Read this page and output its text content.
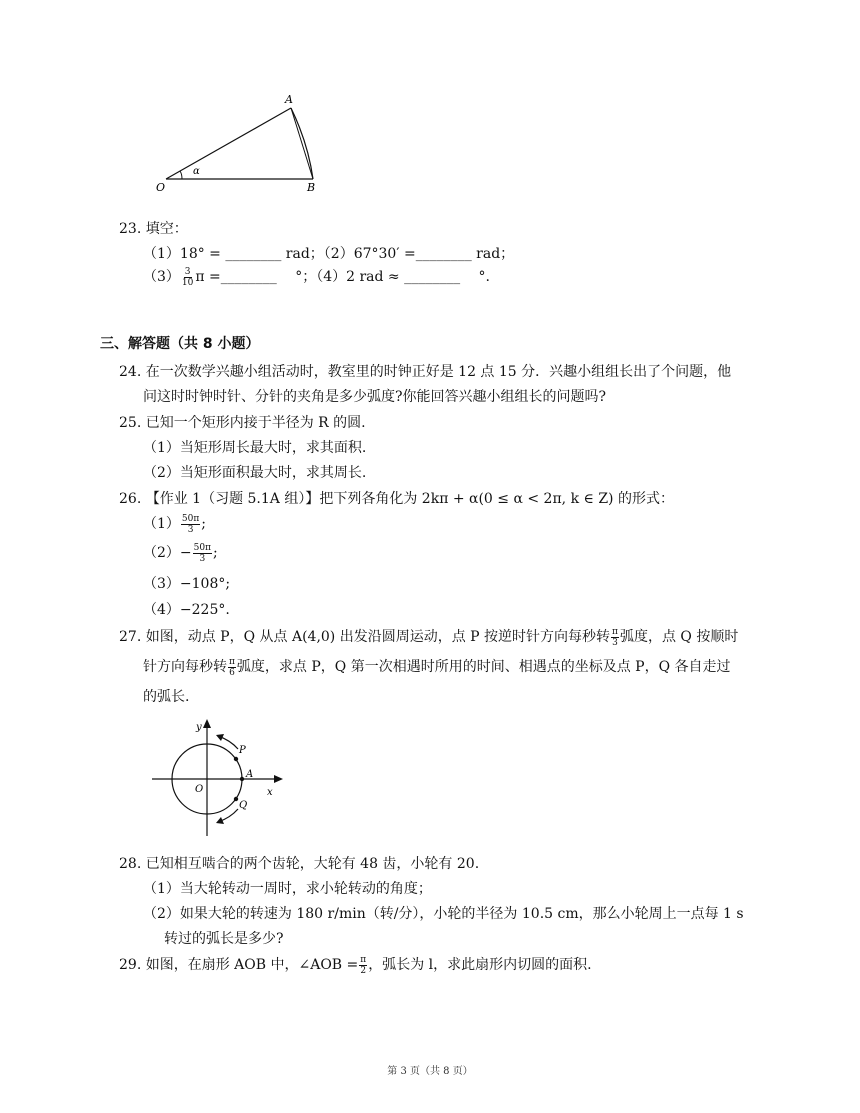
A
O	B
α
23. 填空：
（1）18° = ________ rad；（2）67°30′ =________ rad；
$(3) \frac{3}{10}$ π =________　 °；（4）2 rad ≈ ________　 °.
三、解答题（共 8 小题）
24. 在一次数学兴趣小组活动时，教室里的时钟正好是 12 点 15 分．兴趣小组组长出了个问题，他
问这时时钟时针、分针的夹角是多少弧度?你能回答兴趣小组组长的问题吗?
25. 已知一个矩形内接于半径为 R 的圆.
（1）当矩形周长最大时，求其面积.
（2）当矩形面积最大时，求其周长.
26. 【作业 1（习题 5.1A 组）】把下列各角化为 2kπ + α(0 ≤ α < 2π, k ∈ Z) 的形式：
$(1) \frac{50\pi}{3}$ ;
$(2)- \frac{50\pi}{3}$ ;
（3）−108°;
（4）−225°.
27. 如图，动点 P，Q 从点 A(4,0) 出发沿圆周运动，点 P 按逆时针方向每秒转 $\frac{\pi}{3}$ 弧度，点 Q 按顺时
针方向每秒转 $\frac{\pi}{6}$ 弧度，求点 P，Q 第一次相遇时所用的时间、相遇点的坐标及点 P，Q 各自走过
的弧长.
y
x
O
P
A
Q
28. 已知相互啮合的两个齿轮，大轮有 48 齿，小轮有 20.
（1）当大轮转动一周时，求小轮转动的角度；
（2）如果大轮的转速为 180 r/min（转/分），小轮的半径为 10.5 cm，那么小轮周上一点每 1 s
转过的弧长是多少?
29. 如图，在扇形 AOB 中，∠AOB = $\frac{\pi}{2}$ ，弧长为 l，求此扇形内切圆的面积.
第 3 页（共 8 页）
